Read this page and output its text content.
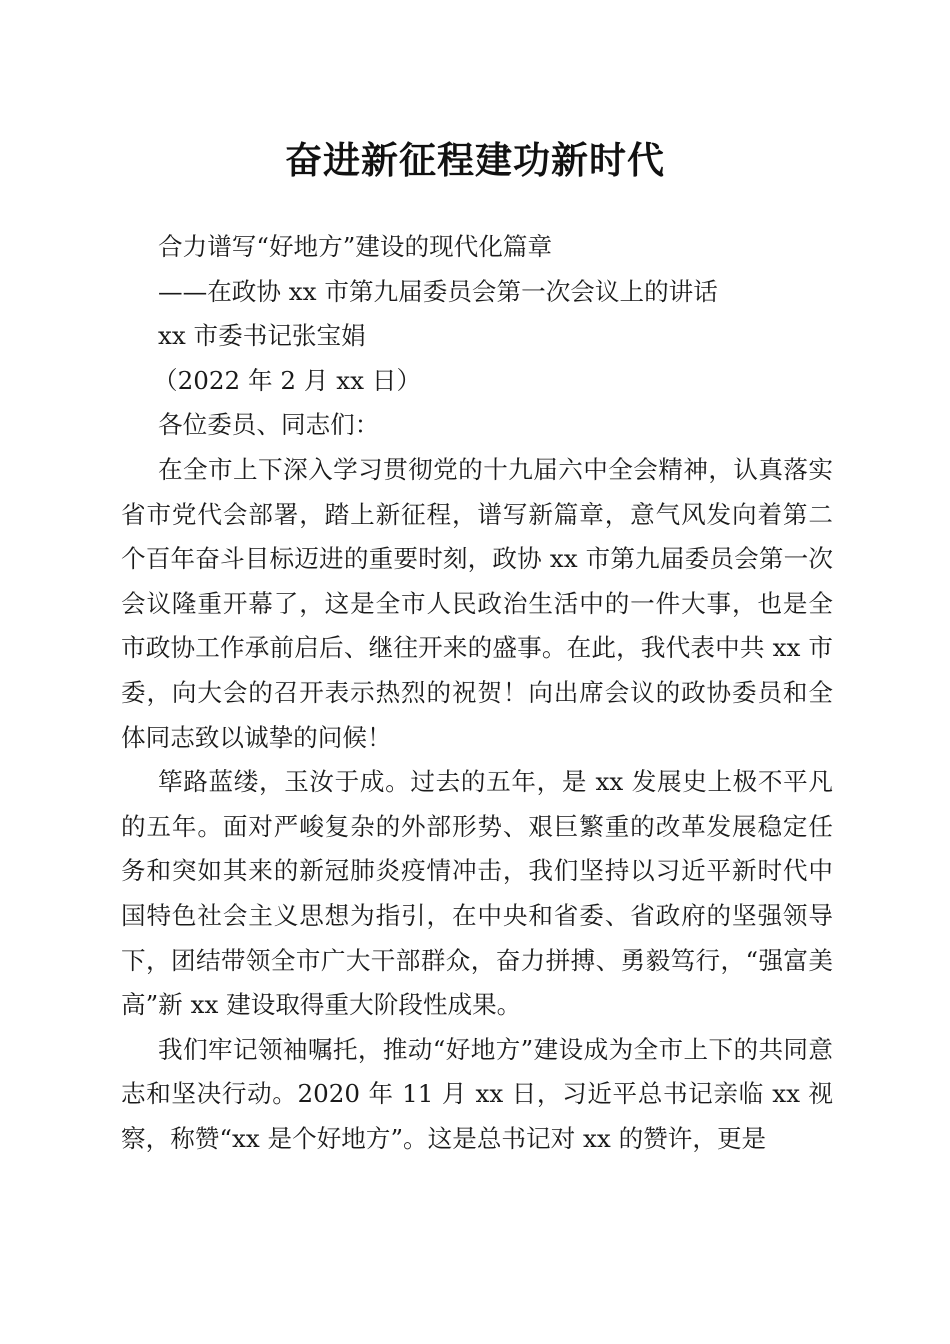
奋进新征程建功新时代
合力谱写“好地方”建设的现代化篇章
——在政协 xx 市第九届委员会第一次会议上的讲话
xx 市委书记张宝娟
（2022 年 2 月 xx 日）
各位委员、同志们：
在全市上下深入学习贯彻党的十九届六中全会精神，认真落实省市党代会部署，踏上新征程，谱写新篇章，意气风发向着第二个百年奋斗目标迈进的重要时刻，政协 xx 市第九届委员会第一次会议隆重开幕了，这是全市人民政治生活中的一件大事，也是全市政协工作承前启后、继往开来的盛事。在此，我代表中共 xx 市委，向大会的召开表示热烈的祝贺！向出席会议的政协委员和全体同志致以诚挚的问候！
筚路蓝缕，玉汝于成。过去的五年，是 xx 发展史上极不平凡的五年。面对严峻复杂的外部形势、艰巨繁重的改革发展稳定任务和突如其来的新冠肺炎疫情冲击，我们坚持以习近平新时代中国特色社会主义思想为指引，在中央和省委、省政府的坚强领导下，团结带领全市广大干部群众，奋力拼搏、勇毅笃行，“强富美高”新 xx 建设取得重大阶段性成果。
我们牢记领袖嘱托，推动“好地方”建设成为全市上下的共同意志和坚决行动。2020 年 11 月 xx 日，习近平总书记亲临 xx 视察，称赞“xx 是个好地方”。这是总书记对 xx 的赞许，更是
